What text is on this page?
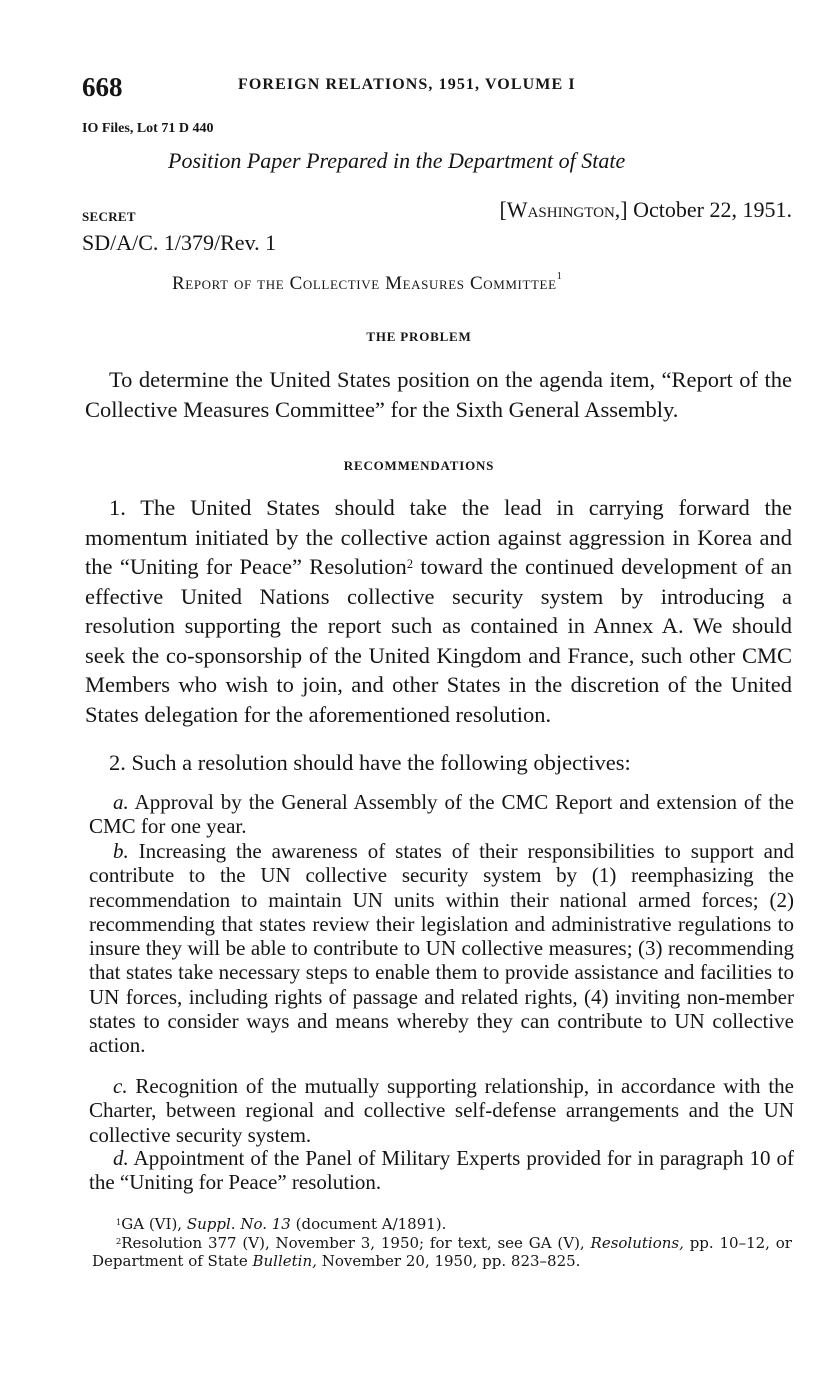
668	FOREIGN RELATIONS, 1951, VOLUME I
IO Files, Lot 71 D 440
Position Paper Prepared in the Department of State
SECRET	[Washington,] October 22, 1951.
SD/A/C. 1/379/Rev. 1
Report of the Collective Measures Committee$^1$
THE PROBLEM

To determine the United States position on the agenda item, “Report of the Collective Measures Committee” for the Sixth General Assembly.

RECOMMENDATIONS

1. The United States should take the lead in carrying forward the momentum initiated by the collective action against aggression in Korea and the “Uniting for Peace” Resolution$^2$ toward the continued development of an effective United Nations collective security system by introducing a resolution supporting the report such as contained in Annex A. We should seek the co-sponsorship of the United Kingdom and France, such other CMC Members who wish to join, and other States in the discretion of the United States delegation for the aforementioned resolution.

2. Such a resolution should have the following objectives:

a. Approval by the General Assembly of the CMC Report and extension of the CMC for one year.

b. Increasing the awareness of states of their responsibilities to support and contribute to the UN collective security system by (1) reemphasizing the recommendation to maintain UN units within their national armed forces; (2) recommending that states review their legislation and administrative regulations to insure they will be able to contribute to UN collective measures; (3) recommending that states take necessary steps to enable them to provide assistance and facilities to UN forces, including rights of passage and related rights, (4) inviting non-member states to consider ways and means whereby they can contribute to UN collective action.

c. Recognition of the mutually supporting relationship, in accordance with the Charter, between regional and collective self-defense arrangements and the UN collective security system.

d. Appointment of the Panel of Military Experts provided for in paragraph 10 of the “Uniting for Peace” resolution.

$^1$GA (VI), Suppl. No. 13 (document A/1891).

$^2$Resolution 377 (V), November 3, 1950; for text, see GA (V), Resolutions, pp. 10–12, or Department of State Bulletin, November 20, 1950, pp. 823–825.
